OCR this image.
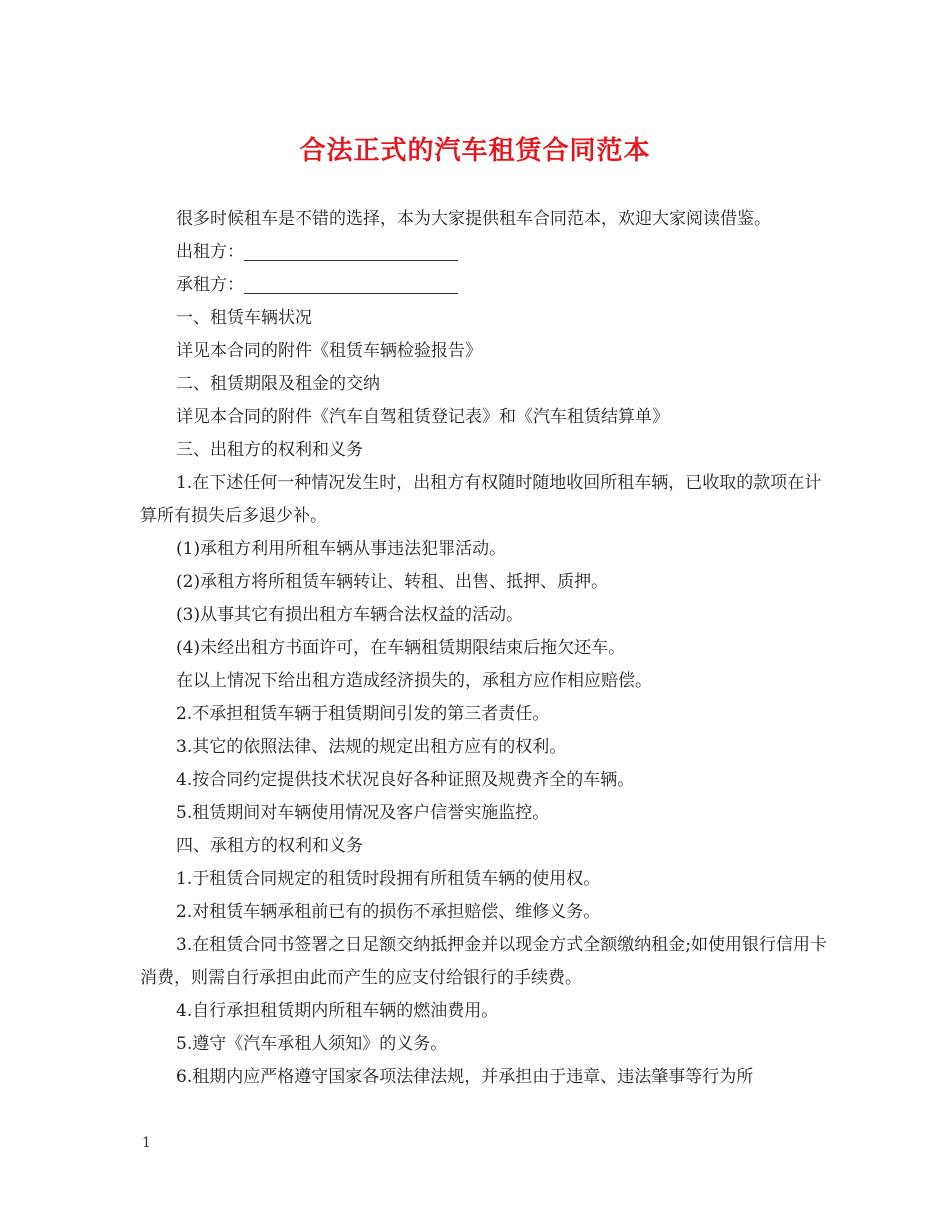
合法正式的汽车租赁合同范本

很多时候租车是不错的选择，本为大家提供租车合同范本，欢迎大家阅读借鉴。

出租方：

承租方：

一、租赁车辆状况

详见本合同的附件《租赁车辆检验报告》

二、租赁期限及租金的交纳

详见本合同的附件《汽车自驾租赁登记表》和《汽车租赁结算单》

三、出租方的权利和义务

1.在下述任何一种情况发生时，出租方有权随时随地收回所租车辆，已收取的款项在计算所有损失后多退少补。

(1)承租方利用所租车辆从事违法犯罪活动。

(2)承租方将所租赁车辆转让、转租、出售、抵押、质押。

(3)从事其它有损出租方车辆合法权益的活动。

(4)未经出租方书面许可，在车辆租赁期限结束后拖欠还车。

在以上情况下给出租方造成经济损失的，承租方应作相应赔偿。

2.不承担租赁车辆于租赁期间引发的第三者责任。

3.其它的依照法律、法规的规定出租方应有的权利。

4.按合同约定提供技术状况良好各种证照及规费齐全的车辆。

5.租赁期间对车辆使用情况及客户信誉实施监控。

四、承租方的权利和义务

1.于租赁合同规定的租赁时段拥有所租赁车辆的使用权。

2.对租赁车辆承租前已有的损伤不承担赔偿、维修义务。

3.在租赁合同书签署之日足额交纳抵押金并以现金方式全额缴纳租金;如使用银行信用卡消费，则需自行承担由此而产生的应支付给银行的手续费。

4.自行承担租赁期内所租车辆的燃油费用。

5.遵守《汽车承租人须知》的义务。

6.租期内应严格遵守国家各项法律法规，并承担由于违章、违法肇事等行为所

1
